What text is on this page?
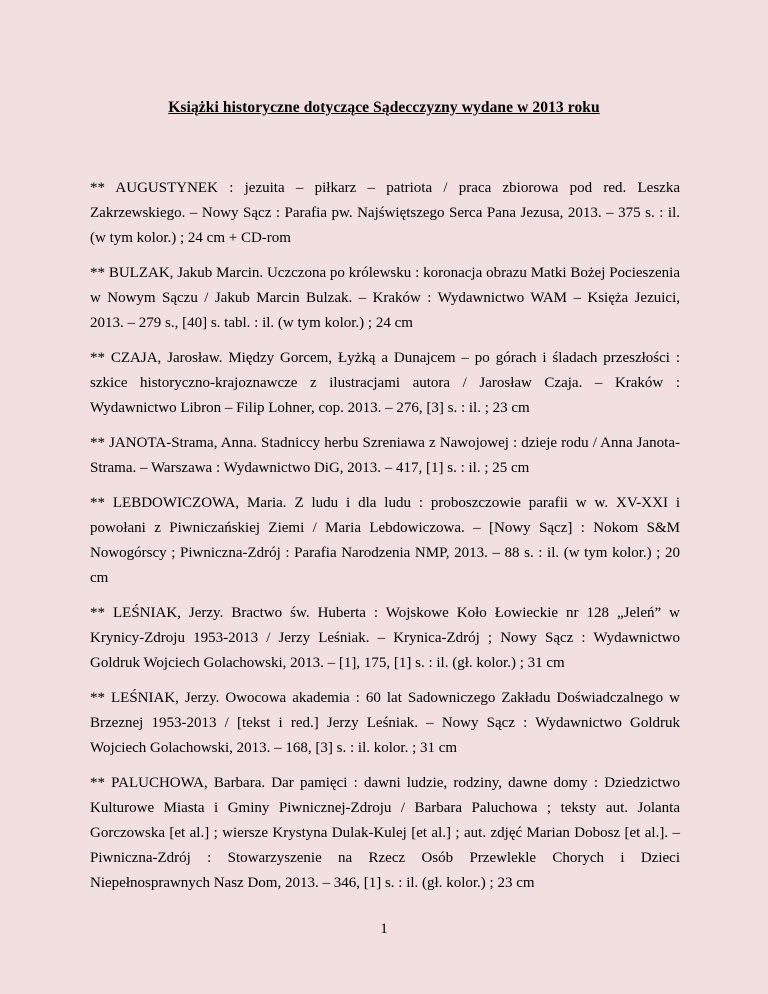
Książki historyczne dotyczące Sądecczyzny wydane w 2013 roku

** AUGUSTYNEK : jezuita – piłkarz – patriota / praca zbiorowa pod red. Leszka Zakrzewskiego. – Nowy Sącz : Parafia pw. Najświętszego Serca Pana Jezusa, 2013. – 375 s. : il. (w tym kolor.) ; 24 cm + CD-rom

** BULZAK, Jakub Marcin. Uczczona po królewsku : koronacja obrazu Matki Bożej Pocieszenia w Nowym Sączu / Jakub Marcin Bulzak. – Kraków : Wydawnictwo WAM – Księża Jezuici, 2013. – 279 s., [40] s. tabl. : il. (w tym kolor.) ; 24 cm

** CZAJA, Jarosław. Między Gorcem, Łyżką a Dunajcem – po górach i śladach przeszłości : szkice historyczno-krajoznawcze z ilustracjami autora / Jarosław Czaja. – Kraków : Wydawnictwo Libron – Filip Lohner, cop. 2013. – 276, [3] s. : il. ; 23 cm

** JANOTA-Strama, Anna. Stadniccy herbu Szreniawa z Nawojowej : dzieje rodu / Anna Janota-Strama. – Warszawa : Wydawnictwo DiG, 2013. – 417, [1] s. : il. ; 25 cm

** LEBDOWICZOWA, Maria. Z ludu i dla ludu : proboszczowie parafii w w. XV-XXI i powołani z Piwniczańskiej Ziemi / Maria Lebdowiczowa. – [Nowy Sącz] : Nokom S&M Nowogórscy ; Piwniczna-Zdrój : Parafia Narodzenia NMP, 2013. – 88 s. : il. (w tym kolor.) ; 20 cm

** LEŚNIAK, Jerzy. Bractwo św. Huberta : Wojskowe Koło Łowieckie nr 128 „Jeleń” w Krynicy-Zdroju 1953-2013 / Jerzy Leśniak. – Krynica-Zdrój ; Nowy Sącz : Wydawnictwo Goldruk Wojciech Golachowski, 2013. – [1], 175, [1] s. : il. (gł. kolor.) ; 31 cm

** LEŚNIAK, Jerzy. Owocowa akademia : 60 lat Sadowniczego Zakładu Doświadczalnego w Brzeznej 1953-2013 / [tekst i red.] Jerzy Leśniak. – Nowy Sącz : Wydawnictwo Goldruk Wojciech Golachowski, 2013. – 168, [3] s. : il. kolor. ; 31 cm

** PALUCHOWA, Barbara. Dar pamięci : dawni ludzie, rodziny, dawne domy : Dziedzictwo Kulturowe Miasta i Gminy Piwnicznej-Zdroju / Barbara Paluchowa ; teksty aut. Jolanta Gorczowska [et al.] ; wiersze Krystyna Dulak-Kulej [et al.] ; aut. zdjęć Marian Dobosz [et al.]. – Piwniczna-Zdrój : Stowarzyszenie na Rzecz Osób Przewlekle Chorych i Dzieci Niepełnosprawnych Nasz Dom, 2013. – 346, [1] s. : il. (gł. kolor.) ; 23 cm

1
